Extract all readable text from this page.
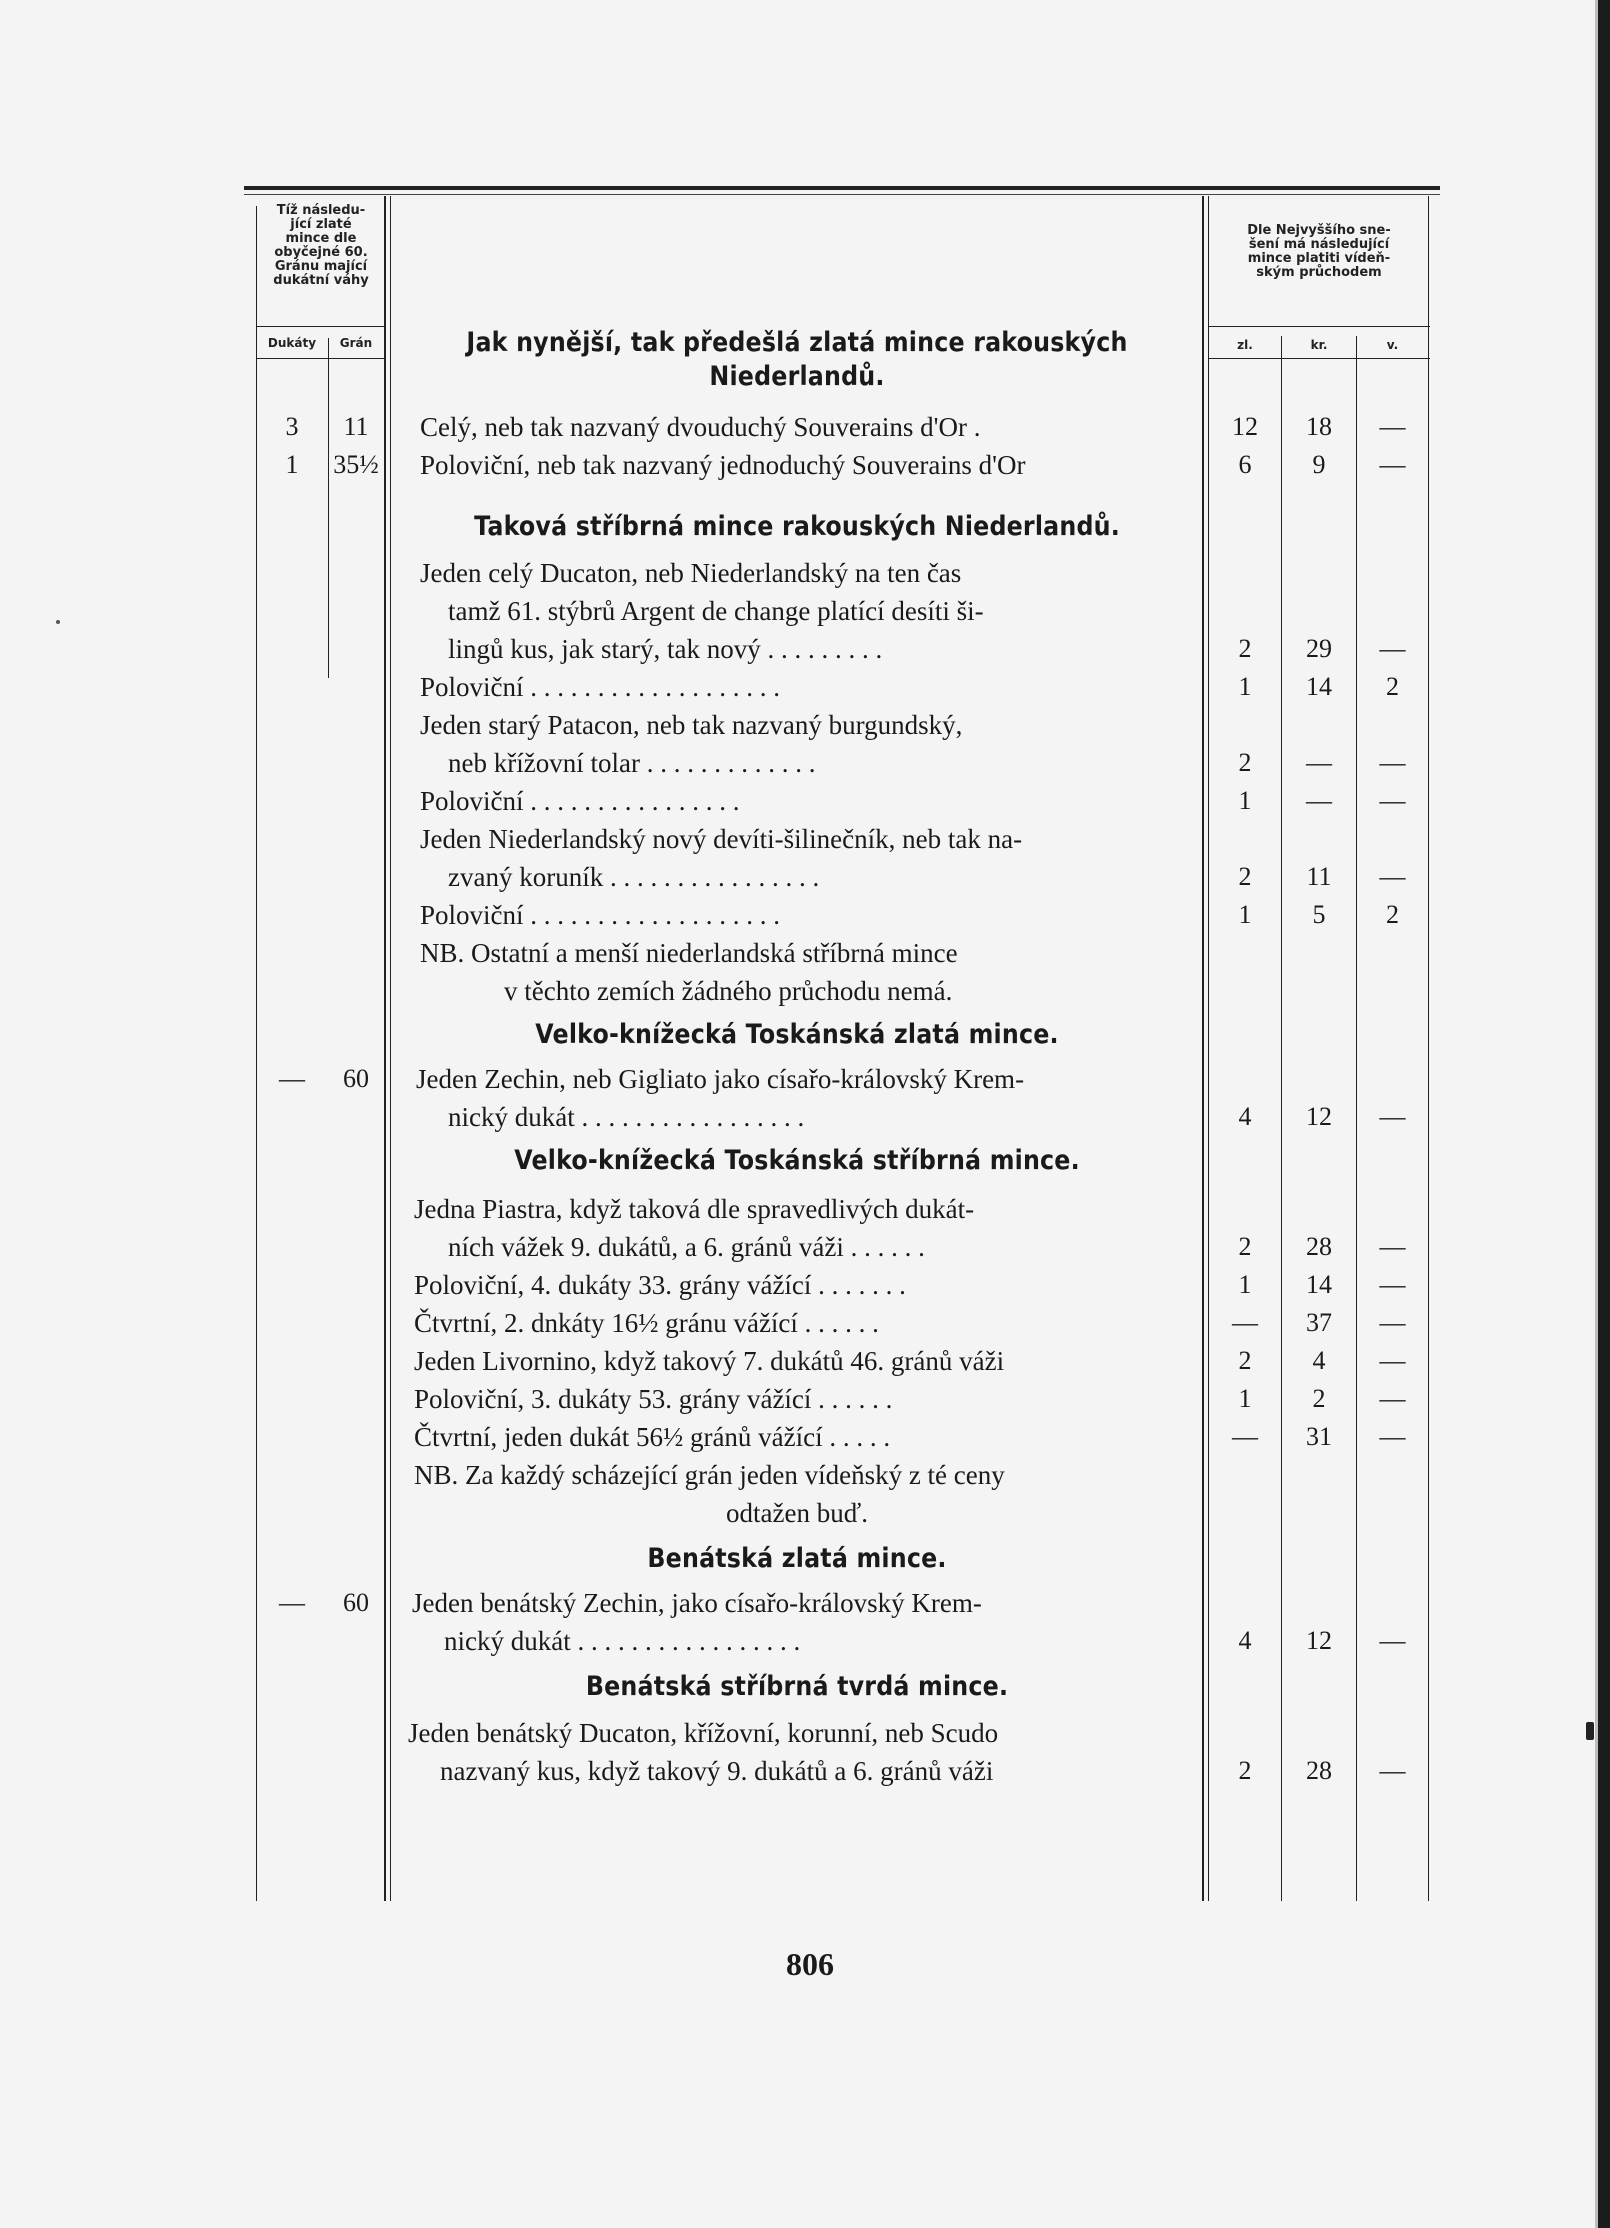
Tíž následu-
jící zlaté
mince dle
obyčejné 60.
Gránu mající
dukátní váhy
Dukáty	Grán
Dle Nejvyššího sne-
šení má následující
mince platiti vídeň-
ským průchodem
zl.	kr.	v.
Jak nynější, tak předešlá zlatá mince rakouských
Niederlandů.
3	11	Celý, neb tak nazvaný dvouduchý Souverains d'Or .	12	18	—
1	35½ Poloviční, neb tak nazvaný jednoduchý Souverains d'Or	6	9	—
Taková stříbrná mince rakouských Niederlandů.
Jeden celý Ducaton, neb Niederlandský na ten čas
tamž 61. stýbrů Argent de change platící desíti ši-
lingů kus, jak starý, tak nový . . . . . . . . .	2	29	—
Poloviční . . . . . . . . . . . . . . . . . . .	1	14	2
Jeden starý Patacon, neb tak nazvaný burgundský,
neb křížovní tolar . . . . . . . . . . . . .	2	—	—
Poloviční . . . . . . . . . . . . . . . .	1	—	—
Jeden Niederlandský nový devíti-šilinečník, neb tak na-
zvaný koruník . . . . . . . . . . . . . . . .	2	11	—
Poloviční . . . . . . . . . . . . . . . . . . .	1	5	2
NB. Ostatní a menší niederlandská stříbrná mince
v těchto zemích žádného průchodu nemá.
Velko-knížecká Toskánská zlatá mince.
—	60	Jeden Zechin, neb Gigliato jako císařo-královský Krem-
nický dukát . . . . . . . . . . . . . . . . .	4	12	—
Velko-knížecká Toskánská stříbrná mince.
Jedna Piastra, když taková dle spravedlivých dukát-
ních vážek 9. dukátů, a 6. gránů váži . . . . . .	2	28	—
Poloviční, 4. dukáty 33. grány vážící . . . . . . .	1	14	—
Čtvrtní, 2. dnkáty 16½ gránu vážící . . . . . .	—	37	—
Jeden Livornino, když takový 7. dukátů 46. gránů váži	2	4	—
Poloviční, 3. dukáty 53. grány vážící . . . . . .	1	2	—
Čtvrtní, jeden dukát 56½ gránů vážící . . . . .	—	31	—
NB. Za každý scházející grán jeden vídeňský z té ceny
odtažen buď.
Benátská zlatá mince.
—	60	Jeden benátský Zechin, jako císařo-královský Krem-
nický dukát . . . . . . . . . . . . . . . . .	4	12	—
Benátská stříbrná tvrdá mince.
Jeden benátský Ducaton, křížovní, korunní, neb Scudo
nazvaný kus, když takový 9. dukátů a 6. gránů váži	2	28	—
806
